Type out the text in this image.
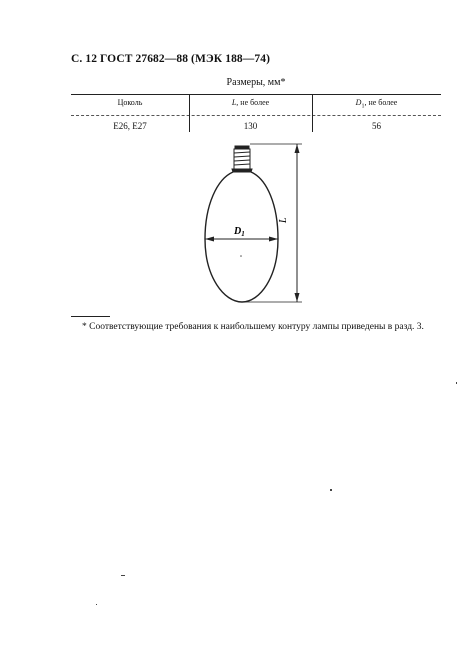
С. 12 ГОСТ 27682—88 (МЭК 188—74)
Размеры, мм*
Цоколь	L, не более	$D_1$, не более
Е26, Е27	130	56
L
$D_1$
* Соответствующие требования к наибольшему контуру лампы приведены в разд. 3.
